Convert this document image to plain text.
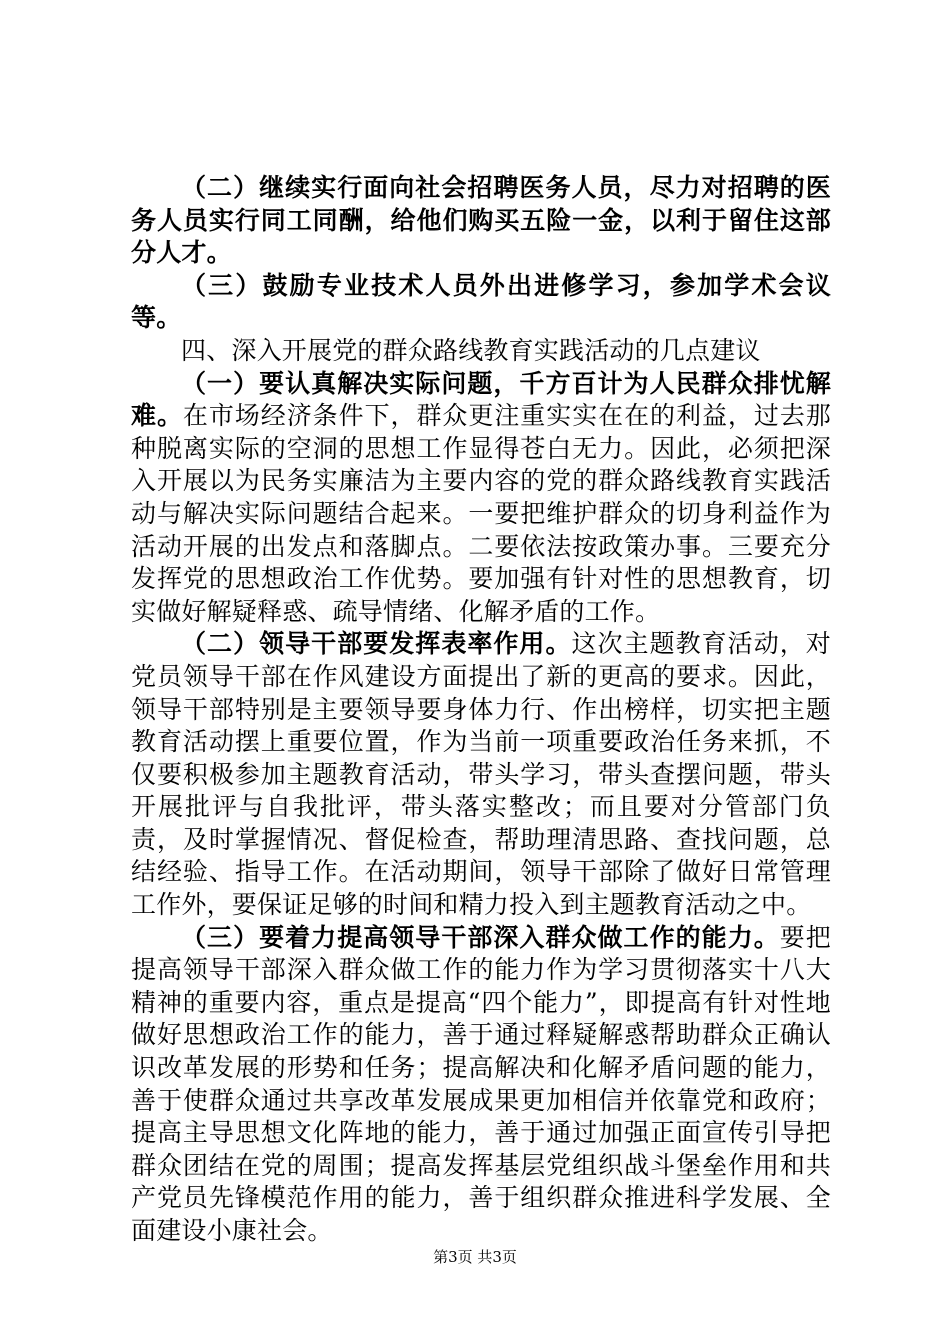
（二）继续实行面向社会招聘医务人员，尽力对招聘的医务人员实行同工同酬，给他们购买五险一金，以利于留住这部分人才。

（三）鼓励专业技术人员外出进修学习，参加学术会议等。

四、深入开展党的群众路线教育实践活动的几点建议

（一）要认真解决实际问题，千方百计为人民群众排忧解难。在市场经济条件下，群众更注重实实在在的利益，过去那种脱离实际的空洞的思想工作显得苍白无力。因此，必须把深入开展以为民务实廉洁为主要内容的党的群众路线教育实践活动与解决实际问题结合起来。一要把维护群众的切身利益作为活动开展的出发点和落脚点。二要依法按政策办事。三要充分发挥党的思想政治工作优势。要加强有针对性的思想教育，切实做好解疑释惑、疏导情绪、化解矛盾的工作。

（二）领导干部要发挥表率作用。这次主题教育活动，对党员领导干部在作风建设方面提出了新的更高的要求。因此，领导干部特别是主要领导要身体力行、作出榜样，切实把主题教育活动摆上重要位置，作为当前一项重要政治任务来抓，不仅要积极参加主题教育活动，带头学习，带头查摆问题，带头开展批评与自我批评，带头落实整改；而且要对分管部门负责，及时掌握情况、督促检查，帮助理清思路、查找问题，总结经验、指导工作。在活动期间，领导干部除了做好日常管理工作外，要保证足够的时间和精力投入到主题教育活动之中。

（三）要着力提高领导干部深入群众做工作的能力。要把提高领导干部深入群众做工作的能力作为学习贯彻落实十八大精神的重要内容，重点是提高“四个能力”，即提高有针对性地做好思想政治工作的能力，善于通过释疑解惑帮助群众正确认识改革发展的形势和任务；提高解决和化解矛盾问题的能力，善于使群众通过共享改革发展成果更加相信并依靠党和政府；提高主导思想文化阵地的能力，善于通过加强正面宣传引导把群众团结在党的周围；提高发挥基层党组织战斗堡垒作用和共产党员先锋模范作用的能力，善于组织群众推进科学发展、全面建设小康社会。

第3页 共3页
